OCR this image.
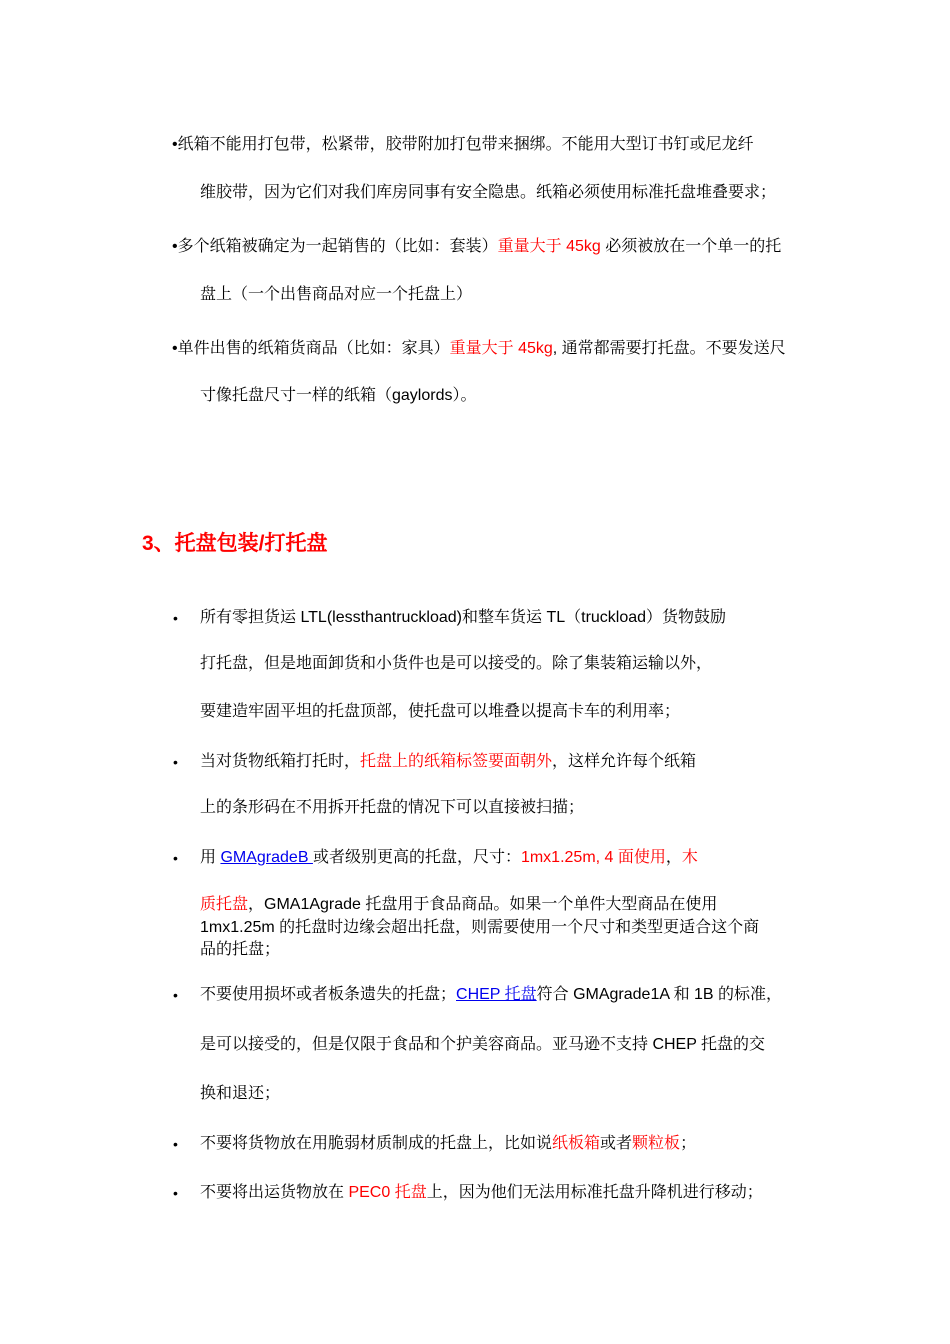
•纸箱不能用打包带，松紧带，胶带附加打包带来捆绑。不能用大型订书钉或尼龙纤
维胶带，因为它们对我们库房同事有安全隐患。纸箱必须使用标准托盘堆叠要求；
•多个纸箱被确定为一起销售的（比如：套装）重量大于 45kg 必须被放在一个单一的托
盘上（一个出售商品对应一个托盘上）
•单件出售的纸箱货商品（比如：家具）重量大于 45kg, 通常都需要打托盘。不要发送尺
寸像托盘尺寸一样的纸箱（gaylords）。
3、托盘包装/打托盘
• 所有零担货运 LTL(lessthantruckload)和整车货运 TL（truckload）货物鼓励
打托盘，但是地面卸货和小货件也是可以接受的。除了集装箱运输以外，
要建造牢固平坦的托盘顶部，使托盘可以堆叠以提高卡车的利用率；
• 当对货物纸箱打托时，托盘上的纸箱标签要面朝外，这样允许每个纸箱
上的条形码在不用拆开托盘的情况下可以直接被扫描；
• 用 GMAgradeB 或者级别更高的托盘，尺寸：1mx1.25m, 4 面使用，木
质托盘，GMA1Agrade 托盘用于食品商品。如果一个单件大型商品在使用
1mx1.25m 的托盘时边缘会超出托盘，则需要使用一个尺寸和类型更适合这个商
品的托盘；
• 不要使用损坏或者板条遗失的托盘；CHEP 托盘符合 GMAgrade1A 和 1B 的标准，
是可以接受的，但是仅限于食品和个护美容商品。亚马逊不支持 CHEP 托盘的交
换和退还；
• 不要将货物放在用脆弱材质制成的托盘上，比如说纸板箱或者颗粒板；
• 不要将出运货物放在 PEC0 托盘上，因为他们无法用标准托盘升降机进行移动；
